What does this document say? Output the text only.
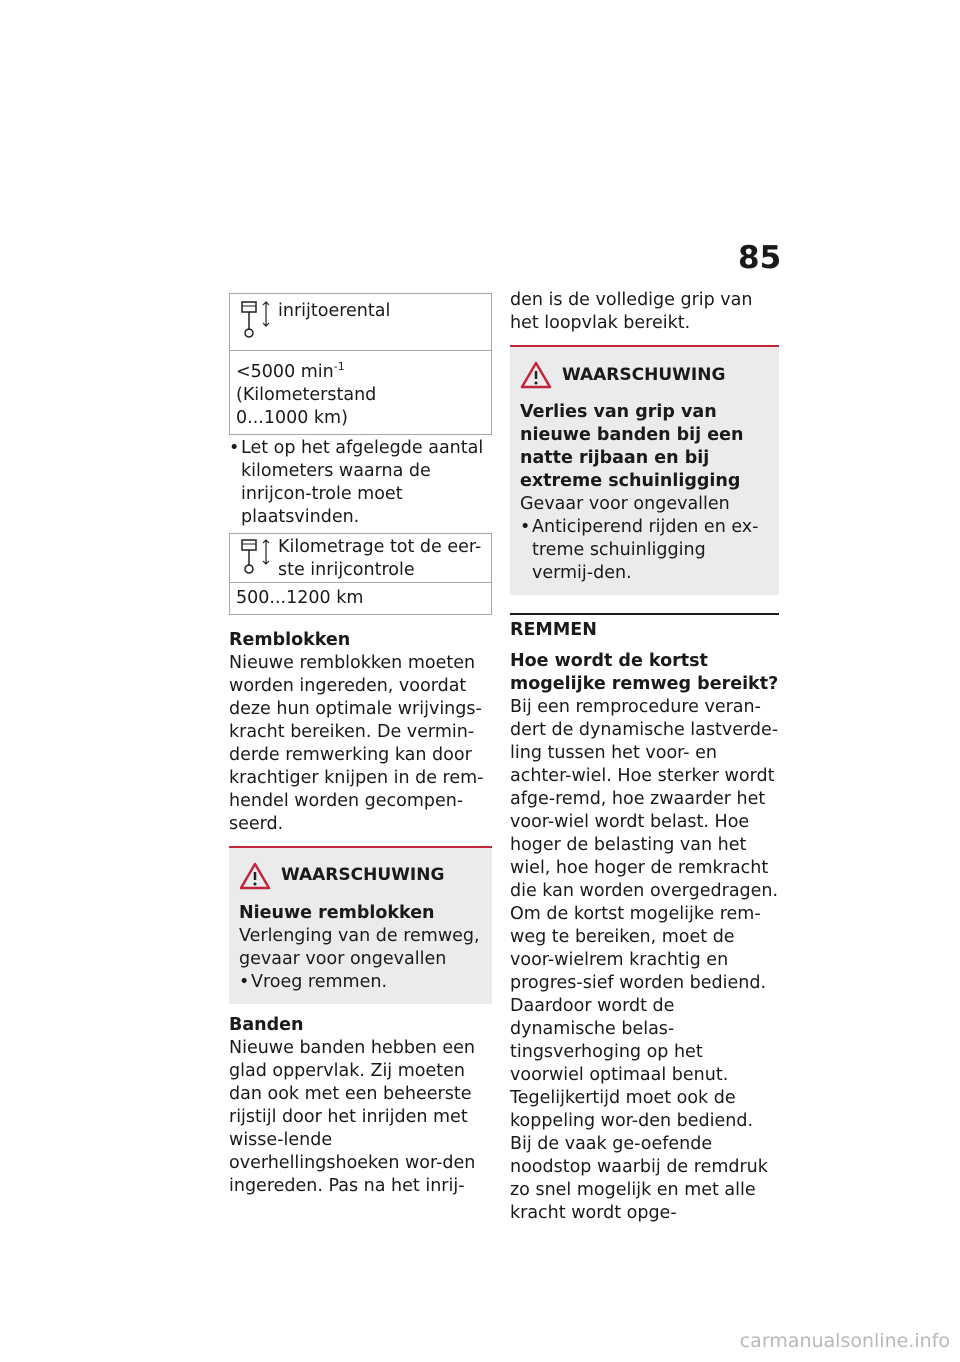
85
inrijtoerental
<5000 $\min^{-1}$ (Kilometerstand
0...1000 km)
• Let op het afgelegde aantal kilometers waarna de inrijcon-trole moet plaatsvinden.
Kilometrage tot de eer-ste inrijcontrole
500...1200 km
Remblokken

Nieuwe remblokken moeten worden ingereden, voordat deze hun optimale wrijvings-kracht bereiken. De vermin-derde remwerking kan door krachtiger knijpen in de rem-hendel worden gecompen-seerd.

WAARSCHUWING
Nieuwe remblokken

Verlenging van de remweg, gevaar voor ongevallen

• Vroeg remmen.
Banden

Nieuwe banden hebben een glad oppervlak. Zij moeten dan ook met een beheerste rijstijl door het inrijden met wisse-lende overhellingshoeken wor-den ingereden. Pas na het inrij-

den is de volledige grip van het loopvlak bereikt.

WAARSCHUWING
Verlies van grip van nieuwe banden bij een natte rijbaan en bij extreme schuinligging

Gevaar voor ongevallen

• Anticiperend rijden en ex-treme schuinligging vermij-den.
REMMEN
Hoe wordt de kortst mogelijke remweg bereikt?

Bij een remprocedure veran-dert de dynamische lastverde-ling tussen het voor- en achter-wiel. Hoe sterker wordt afge-remd, hoe zwaarder het voor-wiel wordt belast. Hoe hoger de belasting van het wiel, hoe hoger de remkracht die kan worden overgedragen.

Om de kortst mogelijke rem-weg te bereiken, moet de voor-wielrem krachtig en progres-sief worden bediend. Daardoor wordt de dynamische belas-tingsverhoging op het voorwiel optimaal benut. Tegelijkertijd moet ook de koppeling wor-den bediend. Bij de vaak ge-oefende noodstop waarbij de remdruk zo snel mogelijk en met alle kracht wordt opge-

carmanualsonline.info
